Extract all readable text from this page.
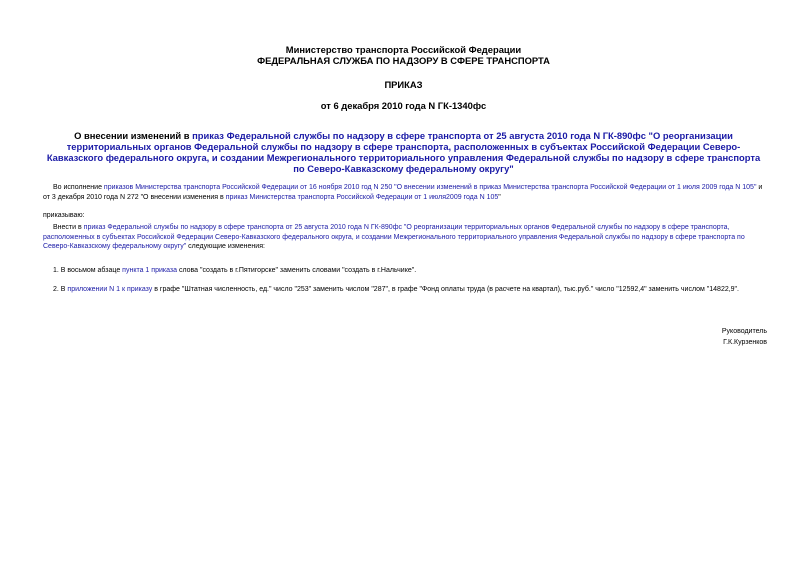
Министерство транспорта Российской Федерации
ФЕДЕРАЛЬНАЯ СЛУЖБА ПО НАДЗОРУ В СФЕРЕ ТРАНСПОРТА
ПРИКАЗ
от 6 декабря 2010 года N ГК-1340фс
О внесении изменений в приказ Федеральной службы по надзору в сфере транспорта от 25 августа 2010 года N ГК-890фс "О реорганизации территориальных органов Федеральной службы по надзору в сфере транспорта, расположенных в субъектах Российской Федерации Северо-Кавказского федерального округа, и создании Межрегионального территориального управления Федеральной службы по надзору в сфере транспорта по Северо-Кавказскому федеральному округу"
Во исполнение приказов Министерства транспорта Российской Федерации от 16 ноября 2010 год N 250 "О внесении изменений в приказ Министерства транспорта Российской Федерации от 1 июля 2009 года N 105" и от 3 декабря 2010 года N 272 "О внесении изменения в приказ Министерства транспорта Российской Федерации от 1 июля2009 года N 105"
приказываю:
Внести в приказ Федеральной службы по надзору в сфере транспорта от 25 августа 2010 года N ГК-890фс "О реорганизации территориальных органов Федеральной службы по надзору в сфере транспорта, расположенных в субъектах Российской Федерации Северо-Кавказского федерального округа, и создании Межрегионального территориального управления Федеральной службы по надзору в сфере транспорта по Северо-Кавказскому федеральному округу" следующие изменения:
1. В восьмом абзаце пункта 1 приказа слова "создать в г.Пятигорске" заменить словами "создать в г.Нальчике".
2. В приложении N 1 к приказу в графе "Штатная численность, ед." число "253" заменить числом "287", в графе "Фонд оплаты труда (в расчете на квартал), тыс.руб." число "12592,4" заменить числом "14822,9".
Руководитель
Г.К.Курзенков
